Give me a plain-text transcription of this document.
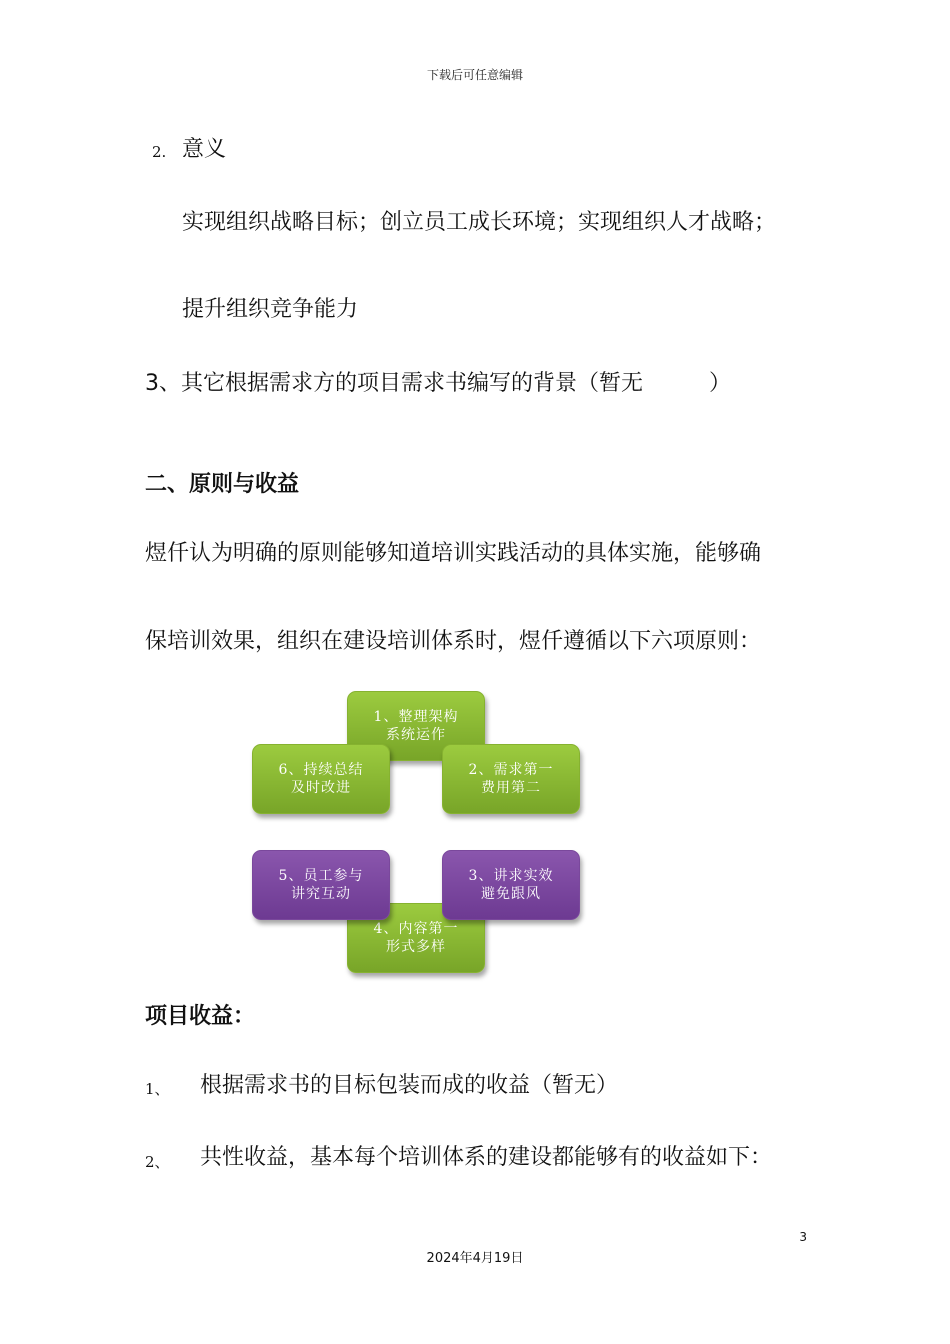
下载后可任意编辑
2. 意义
实现组织战略目标；创立员工成长环境；实现组织人才战略；
提升组织竞争能力
3、其它根据需求方的项目需求书编写的背景（暂无　　　）
二、原则与收益
煜仟认为明确的原则能够知道培训实践活动的具体实施，能够确
保培训效果，组织在建设培训体系时，煜仟遵循以下六项原则：
1、整理架构
系统运作
6、持续总结
及时改进
2、需求第一
费用第二
4、内容第一
形式多样
5、员工参与
讲究互动
3、讲求实效
避免跟风
项目收益：
1、 根据需求书的目标包装而成的收益（暂无）
2、 共性收益，基本每个培训体系的建设都能够有的收益如下：
3
2024年4月19日
